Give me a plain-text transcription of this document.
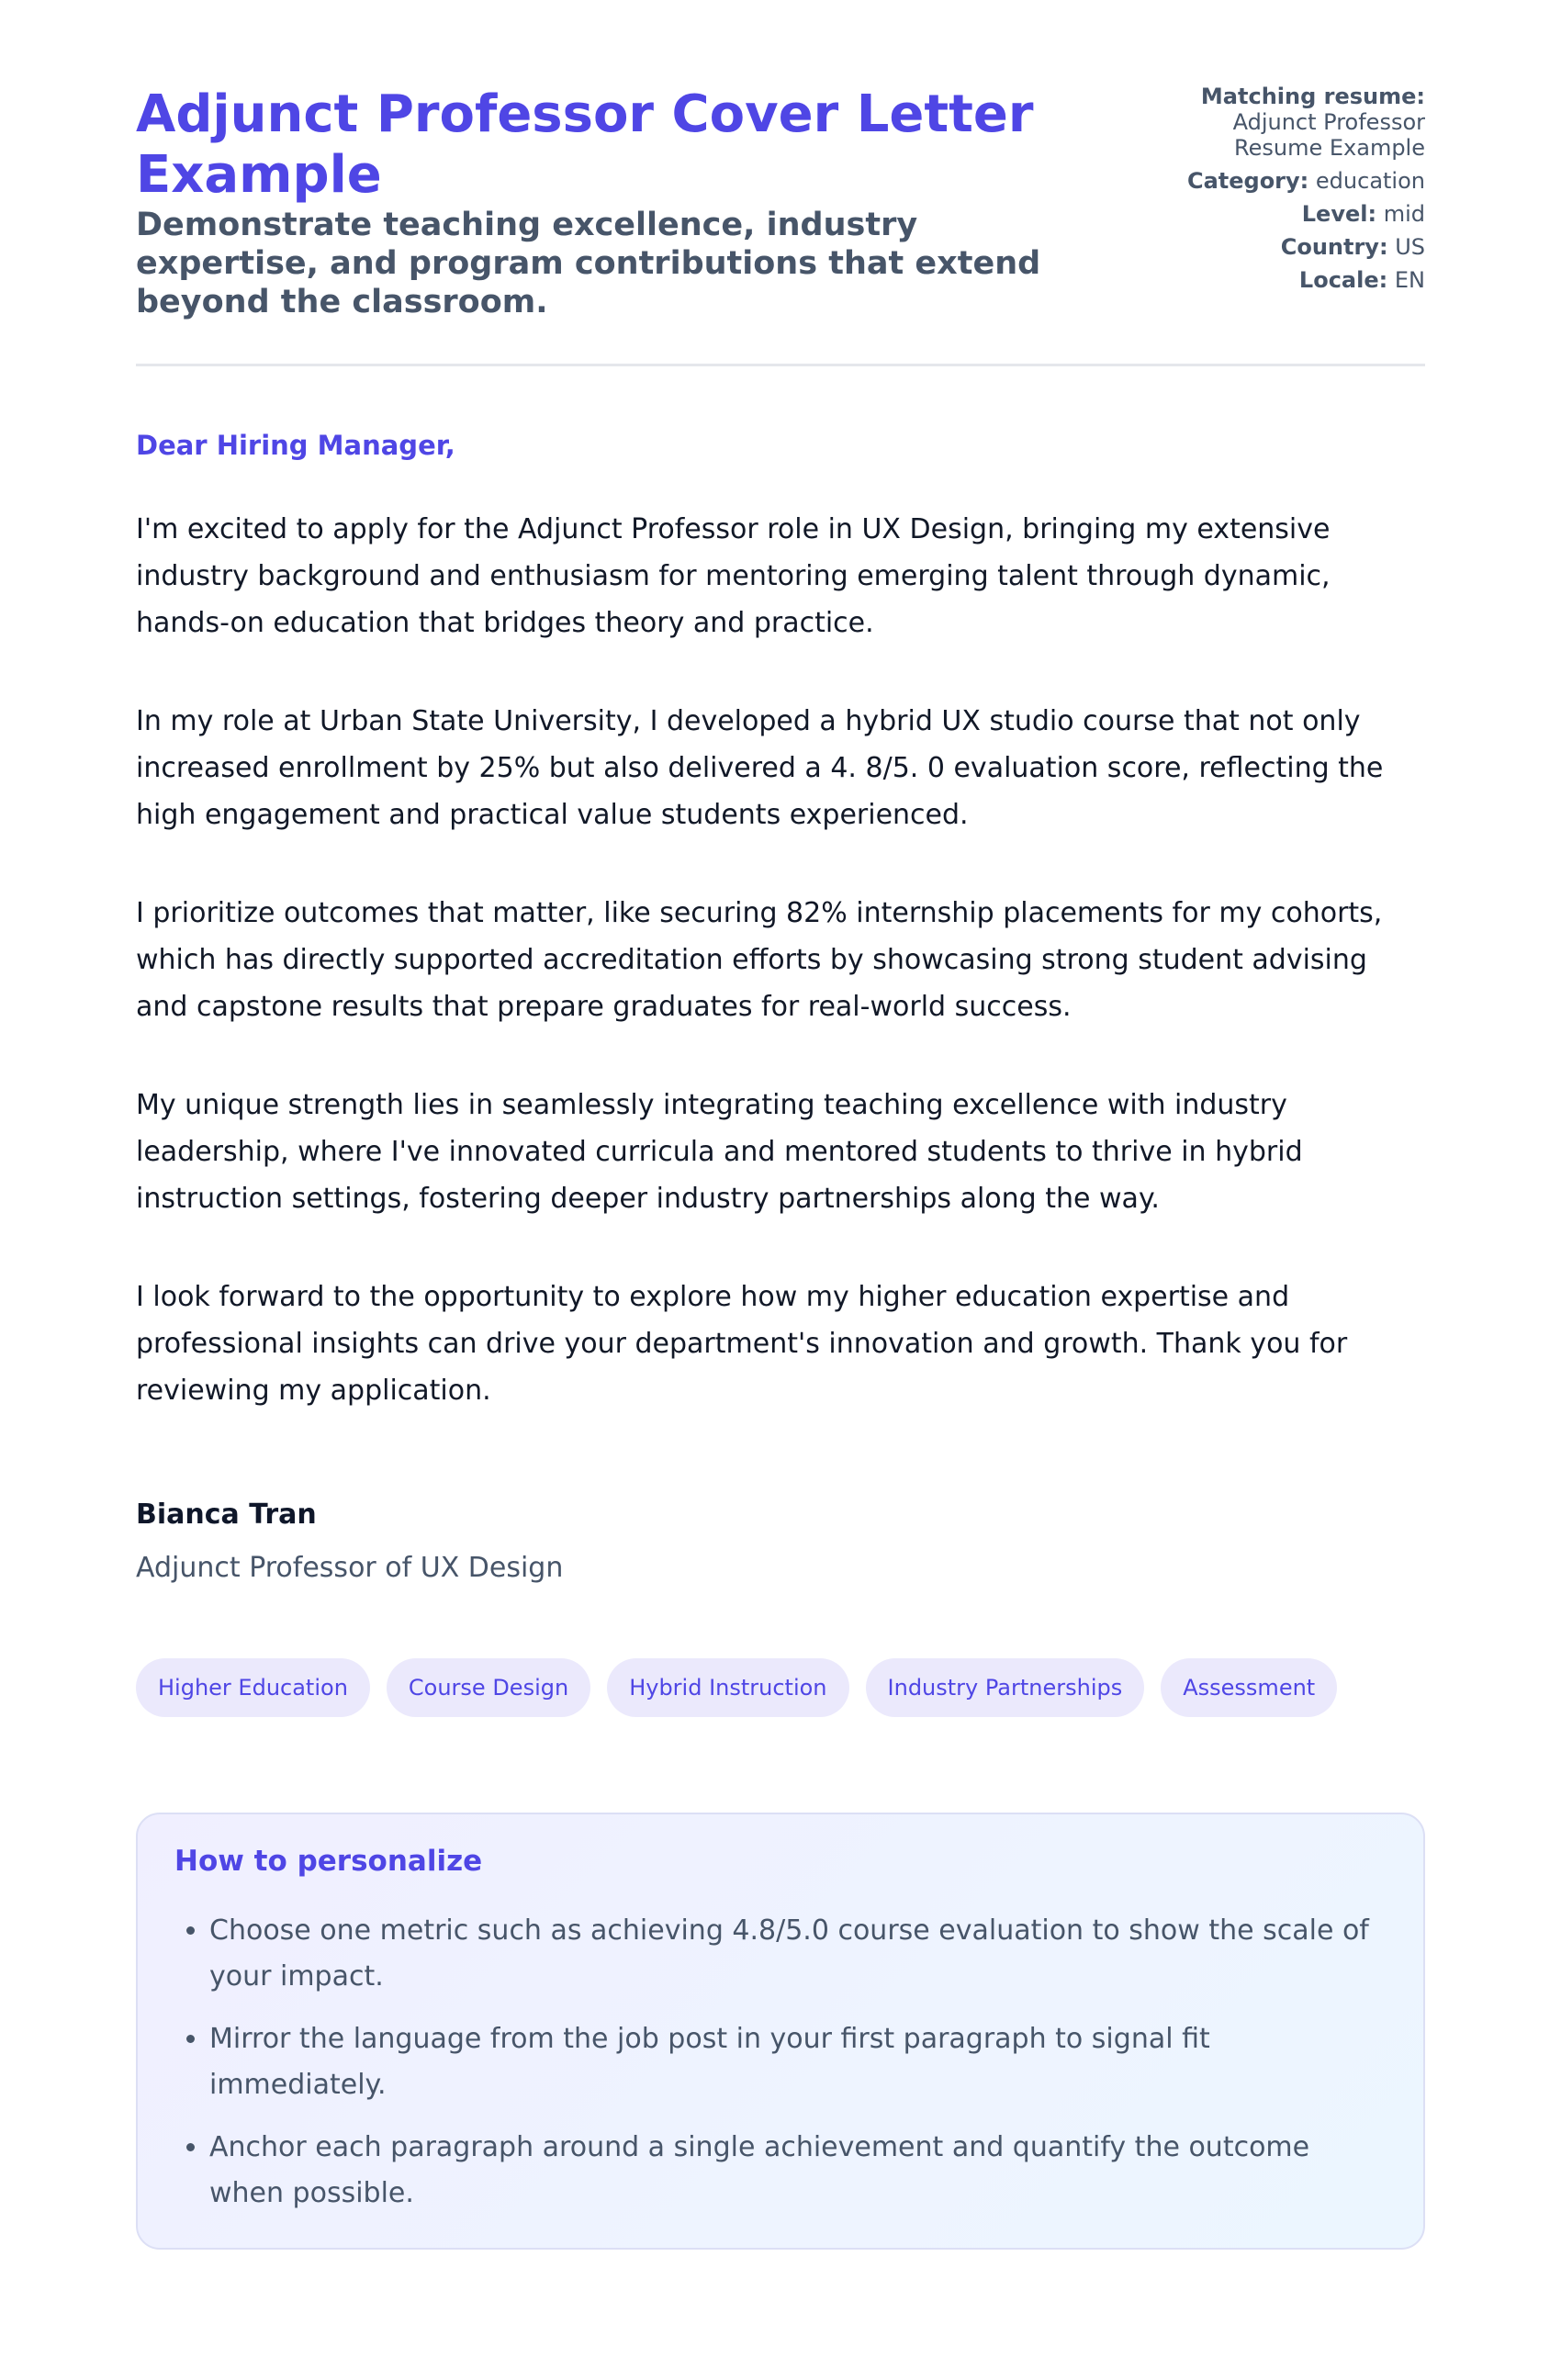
Adjunct Professor Cover Letter Example
Demonstrate teaching excellence, industry expertise, and program contributions that extend beyond the classroom.
Matching resume:
Adjunct Professor Resume Example
Category: education
Level: mid
Country: US
Locale: EN

Dear Hiring Manager,

I'm excited to apply for the Adjunct Professor role in UX Design, bringing my extensive industry background and enthusiasm for mentoring emerging talent through dynamic, hands-on education that bridges theory and practice.

In my role at Urban State University, I developed a hybrid UX studio course that not only increased enrollment by 25% but also delivered a 4. 8/5. 0 evaluation score, reflecting the high engagement and practical value students experienced.

I prioritize outcomes that matter, like securing 82% internship placements for my cohorts, which has directly supported accreditation efforts by showcasing strong student advising and capstone results that prepare graduates for real-world success.

My unique strength lies in seamlessly integrating teaching excellence with industry leadership, where I've innovated curricula and mentored students to thrive in hybrid instruction settings, fostering deeper industry partnerships along the way.

I look forward to the opportunity to explore how my higher education expertise and professional insights can drive your department's innovation and growth. Thank you for reviewing my application.

Bianca Tran
Adjunct Professor of UX Design
Higher Education	Course Design	Hybrid Instruction	Industry Partnerships	Assessment
How to personalize
• Choose one metric such as achieving 4.8/5.0 course evaluation to show the scale of your impact.
• Mirror the language from the job post in your first paragraph to signal fit immediately.
• Anchor each paragraph around a single achievement and quantify the outcome when possible.
